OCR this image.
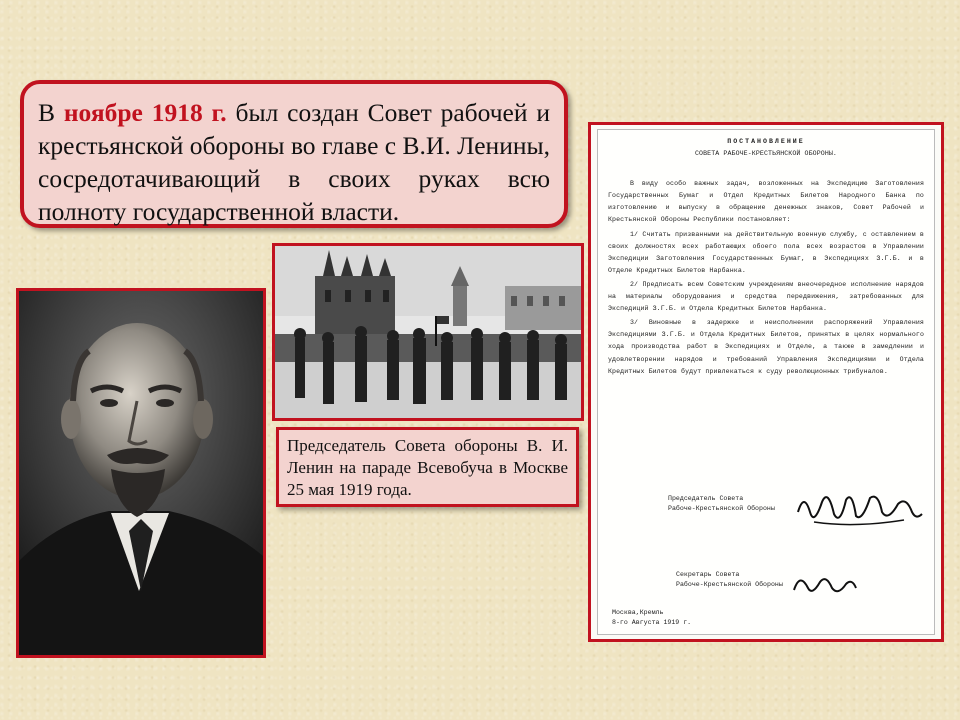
В ноябре 1918 г. был создан Совет рабочей и крестьянской обороны во главе с В.И. Ленины, сосредотачивающий в своих руках всю полноту государственной власти.
Председатель Совета обороны В. И. Ленин на параде Всевобуча в Москве 25 мая 1919 года.
ПОСТАНОВЛЕНИЕ
СОВЕТА РАБОЧЕ-КРЕСТЬЯНСКОЙ ОБОРОНЫ.

В виду особо важных задач, возложенных на Экспедицию Заготовления Государственных Бумаг и Отдел Кредитных Билетов Народного Банка по изготовлению и выпуску в обращение денежных знаков, Совет Рабочей и Крестьянской Обороны Республики постановляет:

1/ Считать призванными на действительную военную службу, с оставлением в своих должностях всех работающих обоего пола всех возрастов в Управлении Экспедиции Заготовления Государственных Бумаг, в Экспедициях З.Г.Б. и в Отделе Кредитных Билетов Нарбанка.

2/ Предписать всем Советским учреждениям внеочередное исполнение нарядов на материалы оборудования и средства передвижения, затребованных для Экспедиций З.Г.Б. и Отдела Кредитных Билетов Нарбанка.

3/ Виновные в задержке и неисполнении распоряжений Управления Экспедициями З.Г.Б. и Отдела Кредитных Билетов, принятых в целях нормального хода производства работ в Экспедициях и Отделе, а также в замедлении и удовлетворении нарядов и требований Управления Экспедициями и Отдела Кредитных Билетов будут привлекаться к суду революционных трибуналов.

Председатель Совета
Рабоче-Крестьянской Обороны
Секретарь Совета
Рабоче-Крестьянской Обороны
Москва,Кремль
8-го Августа 1919 г.
